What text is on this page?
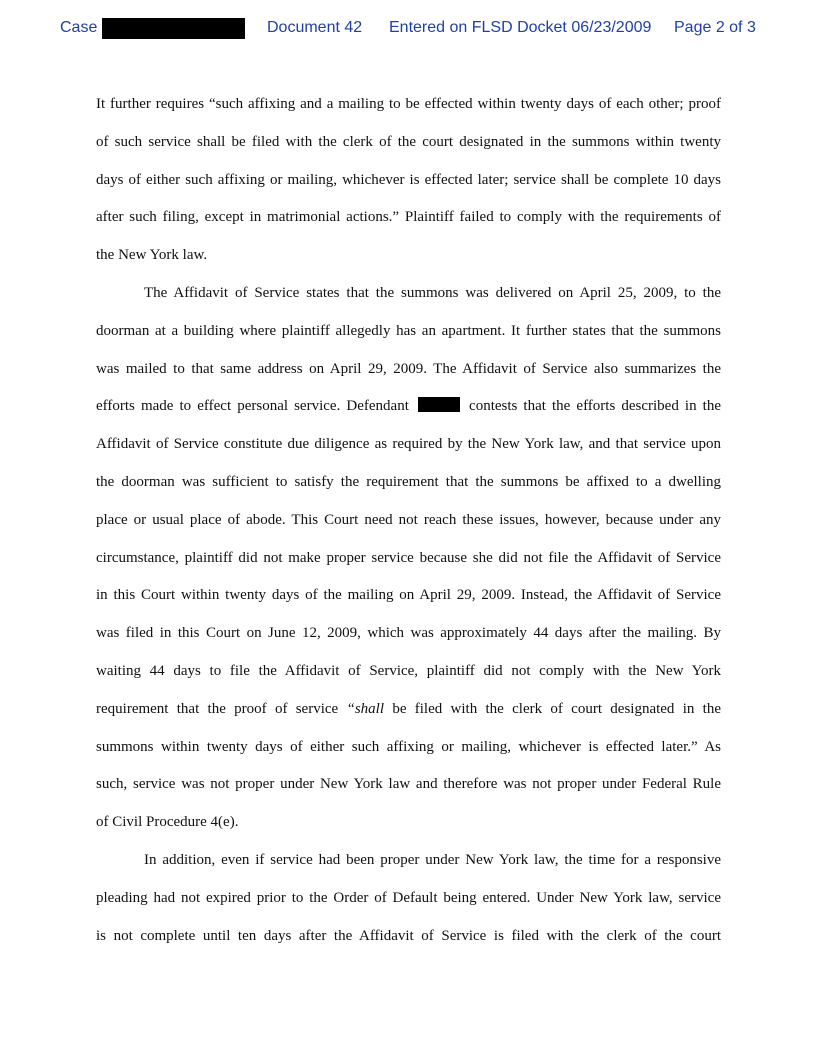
Case	Document 42 Entered on FLSD Docket 06/23/2009 Page 2 of 3
It further requires “such affixing and a mailing to be effected within twenty days of each other; proof
of such service shall be filed with the clerk of the court designated in the summons within twenty
days of either such affixing or mailing, whichever is effected later; service shall be complete 10 days
after such filing, except in matrimonial actions.” Plaintiff failed to comply with the requirements of
the New York law.
The Affidavit of Service states that the summons was delivered on April 25, 2009, to the
doorman at a building where plaintiff allegedly has an apartment. It further states that the summons
was mailed to that same address on April 29, 2009. The Affidavit of Service also summarizes the
efforts made to effect personal service. Defendant	contests that the efforts described in the
Affidavit of Service constitute due diligence as required by the New York law, and that service upon
the doorman was sufficient to satisfy the requirement that the summons be affixed to a dwelling
place or usual place of abode. This Court need not reach these issues, however, because under any
circumstance, plaintiff did not make proper service because she did not file the Affidavit of Service
in this Court within twenty days of the mailing on April 29, 2009. Instead, the Affidavit of Service
was filed in this Court on June 12, 2009, which was approximately 44 days after the mailing. By
waiting 44 days to file the Affidavit of Service, plaintiff did not comply with the New York
requirement that the proof of service “shall be filed with the clerk of court designated in the
summons within twenty days of either such affixing or mailing, whichever is effected later.” As
such, service was not proper under New York law and therefore was not proper under Federal Rule
of Civil Procedure 4(e).
In addition, even if service had been proper under New York law, the time for a responsive
pleading had not expired prior to the Order of Default being entered. Under New York law, service
is not complete until ten days after the Affidavit of Service is filed with the clerk of the court
